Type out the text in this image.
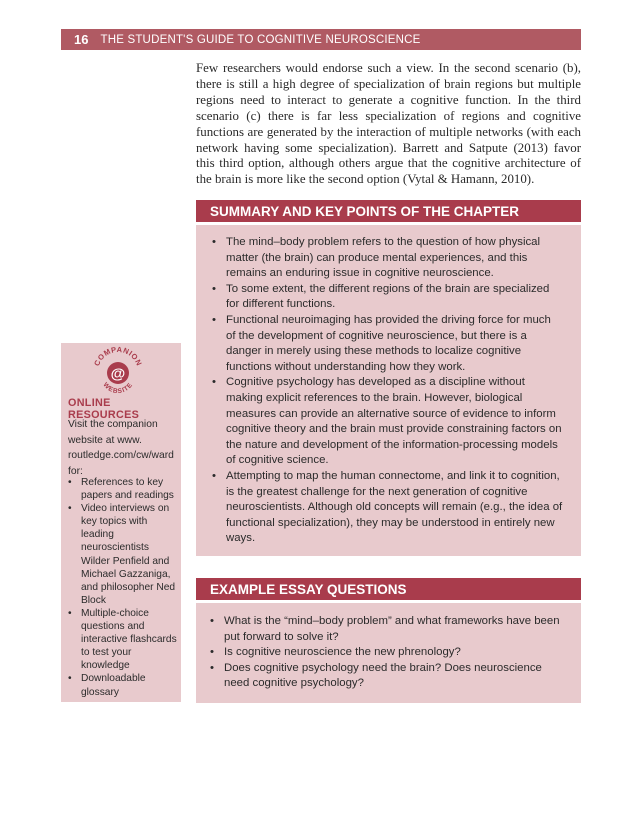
16 THE STUDENT'S GUIDE TO COGNITIVE NEUROSCIENCE

Few researchers would endorse such a view. In the second scenario (b), there is still a high degree of specialization of brain regions but multiple regions need to interact to generate a cognitive function. In the third scenario (c) there is far less specialization of regions and cognitive functions are generated by the interaction of multiple networks (with each network having some specialization). Barrett and Satpute (2013) favor this third option, although others argue that the cognitive architecture of the brain is more like the second option (Vytal & Hamann, 2010).

SUMMARY AND KEY POINTS OF THE CHAPTER
• The mind–body problem refers to the question of how physical matter (the brain) can produce mental experiences, and this remains an enduring issue in cognitive neuroscience.
• To some extent, the different regions of the brain are specialized for different functions.
• Functional neuroimaging has provided the driving force for much of the development of cognitive neuroscience, but there is a danger in merely using these methods to localize cognitive functions without understanding how they work.
• Cognitive psychology has developed as a discipline without making explicit references to the brain. However, biological measures can provide an alternative source of evidence to inform cognitive theory and the brain must provide constraining factors on the nature and development of the information-processing models of cognitive science.
• Attempting to map the human connectome, and link it to cognition, is the greatest challenge for the next generation of cognitive neuroscientists. Although old concepts will remain (e.g., the idea of functional specialization), they may be understood in entirely new ways.
EXAMPLE ESSAY QUESTIONS
• What is the “mind–body problem” and what frameworks have been put forward to solve it?
• Is cognitive neuroscience the new phrenology?
• Does cognitive psychology need the brain? Does neuroscience need cognitive psychology?
COMPANION
@
WEBSITE
ONLINE RESOURCES

Visit the companion website at www. routledge.com/cw/ward for:

• References to key papers and readings
• Video interviews on key topics with leading neuroscientists Wilder Penfield and Michael Gazzaniga, and philosopher Ned Block
• Multiple-choice questions and interactive flashcards to test your knowledge
• Downloadable glossary
